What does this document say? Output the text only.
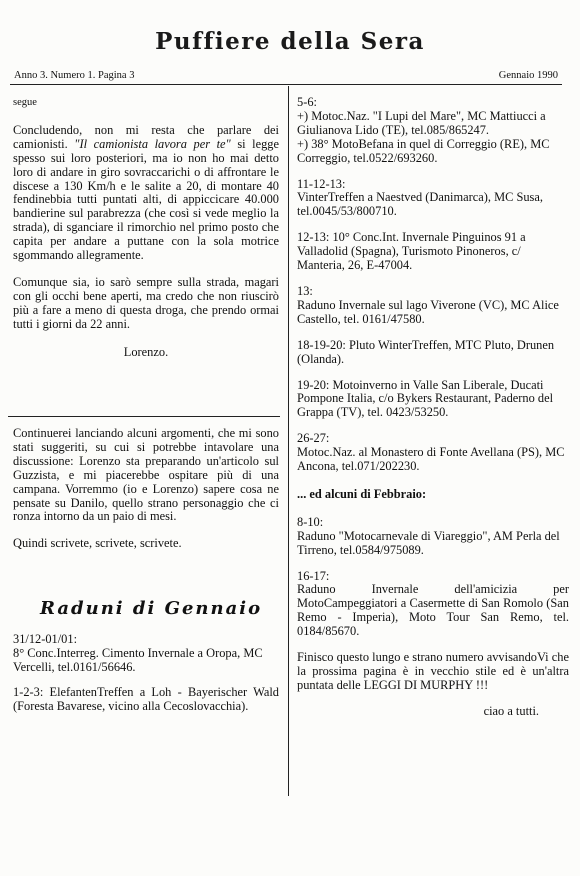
Puffiere della Sera
Anno 3. Numero 1. Pagina 3	Gennaio 1990

segue

Concludendo, non mi resta che parlare dei camionisti. "Il camionista lavora per te" si legge spesso sui loro posteriori, ma io non ho mai detto loro di andare in giro sovraccarichi o di affrontare le discese a 130 Km/h e le salite a 20, di montare 40 fendinebbia tutti puntati alti, di appiccicare 40.000 bandierine sul parabrezza (che così si vede meglio la strada), di sganciare il rimorchio nel primo posto che capita per andare a puttane con la sola motrice sgommando allegramente.

Comunque sia, io sarò sempre sulla strada, magari con gli occhi bene aperti, ma credo che non riuscirò più a fare a meno di questa droga, che prendo ormai tutti i giorni da 22 anni.

Lorenzo.

Continuerei lanciando alcuni argomenti, che mi sono stati suggeriti, su cui si potrebbe intavolare una discussione: Lorenzo sta preparando un'articolo sul Guzzista, e mi piacerebbe ospitare più di una campana. Vorremmo (io e Lorenzo) sapere cosa ne pensate su Danilo, quello strano personaggio che ci ronza intorno da un paio di mesi.

Quindi scrivete, scrivete, scrivete.

Raduni di Gennaio

31/12-01/01:

8° Conc.Interreg. Cimento Invernale a Oropa, MC Vercelli, tel.0161/56646.

1-2-3: ElefantenTreffen a Loh - Bayerischer Wald (Foresta Bavarese, vicino alla Cecoslovacchia).

5-6:

+) Motoc.Naz. "I Lupi del Mare", MC Mattiucci a Giulianova Lido (TE), tel.085/865247.

+) 38° MotoBefana in quel di Correggio (RE), MC Correggio, tel.0522/693260.

11-12-13:

VinterTreffen a Naestved (Danimarca), MC Susa, tel.0045/53/800710.

12-13: 10° Conc.Int. Invernale Pinguinos 91 a Valladolid (Spagna), Turismoto Pinoneros, c/ Manteria, 26, E-47004.

13:

Raduno Invernale sul lago Viverone (VC), MC Alice Castello, tel. 0161/47580.

18-19-20: Pluto WinterTreffen, MTC Pluto, Drunen (Olanda).

19-20: Motoinverno in Valle San Liberale, Ducati Pompone Italia, c/o Bykers Restaurant, Paderno del Grappa (TV), tel. 0423/53250.

26-27:

Motoc.Naz. al Monastero di Fonte Avellana (PS), MC Ancona, tel.071/202230.

... ed alcuni di Febbraio:

8-10:

Raduno "Motocarnevale di Viareggio", AM Perla del Tirreno, tel.0584/975089.

16-17:

Raduno Invernale dell'amicizia per MotoCampeggiatori a Casermette di San Romolo (San Remo - Imperia), Moto Tour San Remo, tel. 0184/85670.

Finisco questo lungo e strano numero avvisandoVi che la prossima pagina è in vecchio stile ed è un'altra puntata delle LEGGI DI MURPHY !!!

ciao a tutti.
